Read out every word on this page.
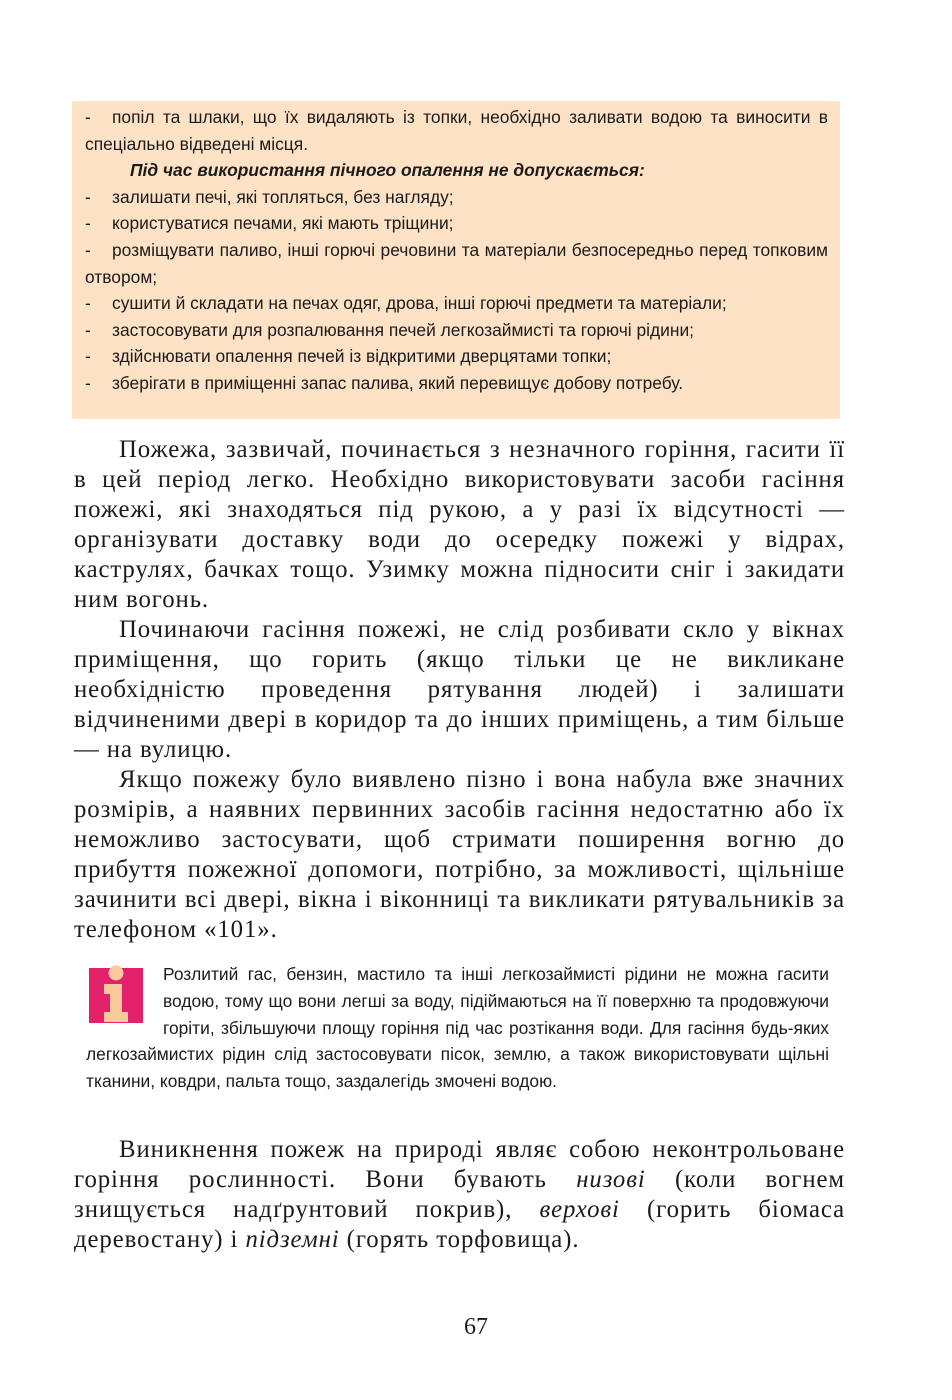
- попіл та шлаки, що їх видаляють із топки, необхідно заливати водою та виносити в спеціально відведені місця.

Під час використання пічного опалення не допускається:

- залишати печі, які топляться, без нагляду;

- користуватися печами, які мають тріщини;

- розміщувати паливо, інші горючі речовини та матеріали безпосередньо перед топковим отвором;

- сушити й складати на печах одяг, дрова, інші горючі предмети та матеріали;

- застосовувати для розпалювання печей легкозаймисті та горючі рідини;

- здійснювати опалення печей із відкритими дверцятами топки;

- зберігати в приміщенні запас палива, який перевищує добову потребу.

Пожежа, зазвичай, починається з незначного горіння, гасити її в цей період легко. Необхідно використовувати засоби гасіння пожежі, які знаходяться під рукою, а у разі їх відсутності — організувати доставку води до осередку пожежі у відрах, каструлях, бачках тощо. Узимку можна підносити сніг і закидати ним вогонь.

Починаючи гасіння пожежі, не слід розбивати скло у вікнах приміщення, що горить (якщо тільки це не викликане необхідністю проведення рятування людей) і залишати відчиненими двері в коридор та до інших приміщень, а тим більше — на вулицю.

Якщо пожежу було виявлено пізно і вона набула вже значних розмірів, а наявних первинних засобів гасіння недостатню або їх неможливо застосувати, щоб стримати поширення вогню до прибуття пожежної допомоги, потрібно, за можливості, щільніше зачинити всі двері, вікна і віконниці та викликати рятувальників за телефоном «101».

Розлитий гас, бензин, мастило та інші легкозаймисті рідини не можна гасити водою, тому що вони легші за воду, підіймаються на її поверхню та продовжуючи горіти, збільшуючи площу горіння під час розтікання води. Для гасіння будь-яких легкозаймистих рідин слід застосовувати пісок, землю, а також використовувати щільні тканини, ковдри, пальта тощо, заздалегідь змочені водою.

Виникнення пожеж на природі являє собою неконтрольоване горіння рослинності. Вони бувають низові (коли вогнем знищується надґрунтовий покрив), верхові (горить біомаса деревостану) і підземні (горять торфовища).

67
